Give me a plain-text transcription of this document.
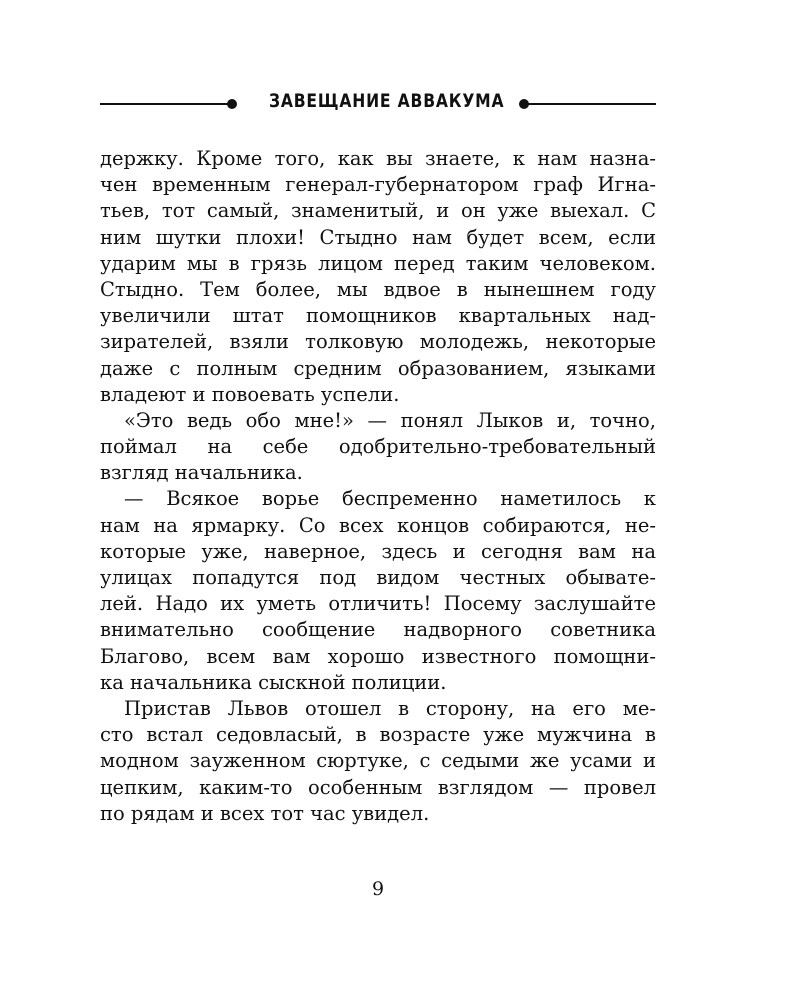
ЗАВЕЩАНИЕ АВВАКУМА
держку. Кроме того, как вы знаете, к нам назна-
чен временным генерал-губернатором граф Игна-
тьев, тот самый, знаменитый, и он уже выехал. С
ним шутки плохи! Стыдно нам будет всем, если
ударим мы в грязь лицом перед таким человеком.
Стыдно. Тем более, мы вдвое в нынешнем году
увеличили штат помощников квартальных над-
зирателей, взяли толковую молодежь, некоторые
даже с полным средним образованием, языками
владеют и повоевать успели.
«Это ведь обо мне!» — понял Лыков и, точно,
поймал на себе одобрительно-требовательный
взгляд начальника.
— Всякое ворье беспременно наметилось к
нам на ярмарку. Со всех концов собираются, не-
которые уже, наверное, здесь и сегодня вам на
улицах попадутся под видом честных обывате-
лей. Надо их уметь отличить! Посему заслушайте
внимательно сообщение надворного советника
Благово, всем вам хорошо известного помощни-
ка начальника сыскной полиции.
Пристав Львов отошел в сторону, на его ме-
сто встал седовласый, в возрасте уже мужчина в
модном зауженном сюртуке, с седыми же усами и
цепким, каким-то особенным взглядом — провел
по рядам и всех тот час увидел.
9
